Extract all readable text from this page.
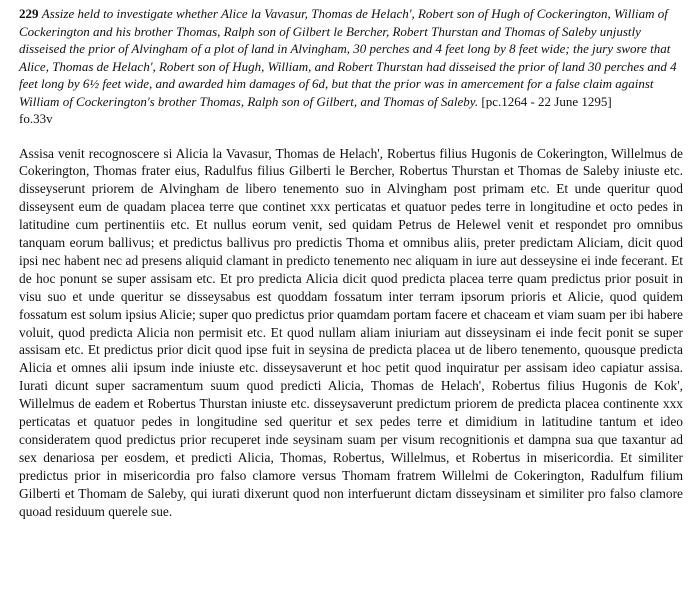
229 Assize held to investigate whether Alice la Vavasur, Thomas de Helach', Robert son of Hugh of Cockerington, William of Cockerington and his brother Thomas, Ralph son of Gilbert le Bercher, Robert Thurstan and Thomas of Saleby unjustly disseised the prior of Alvingham of a plot of land in Alvingham, 30 perches and 4 feet long by 8 feet wide; the jury swore that Alice, Thomas de Helach', Robert son of Hugh, William, and Robert Thurstan had disseised the prior of land 30 perches and 4 feet long by 6½ feet wide, and awarded him damages of 6d, but that the prior was in amercement for a false claim against William of Cockerington's brother Thomas, Ralph son of Gilbert, and Thomas of Saleby. [pc.1264 - 22 June 1295]

fo.33v

Assisa venit recognoscere si Alicia la Vavasur, Thomas de Helach', Robertus filius Hugonis de Cokerington, Willelmus de Cokerington, Thomas frater eius, Radulfus filius Gilberti le Bercher, Robertus Thurstan et Thomas de Saleby iniuste etc. disseyserunt priorem de Alvingham de libero tenemento suo in Alvingham post primam etc. Et unde queritur quod disseysent eum de quadam placea terre que continet xxx perticatas et quatuor pedes terre in longitudine et octo pedes in latitudine cum pertinentiis etc. Et nullus eorum venit, sed quidam Petrus de Helewel venit et respondet pro omnibus tanquam eorum ballivus; et predictus ballivus pro predictis Thoma et omnibus aliis, preter predictam Aliciam, dicit quod ipsi nec habent nec ad presens aliquid clamant in predicto tenemento nec aliquam in iure aut desseysine ei inde fecerant. Et de hoc ponunt se super assisam etc. Et pro predicta Alicia dicit quod predicta placea terre quam predictus prior posuit in visu suo et unde queritur se disseysabus est quoddam fossatum inter terram ipsorum prioris et Alicie, quod quidem fossatum est solum ipsius Alicie; super quo predictus prior quamdam portam facere et chaceam et viam suam per ibi habere voluit, quod predicta Alicia non permisit etc. Et quod nullam aliam iniuriam aut disseysinam ei inde fecit ponit se super assisam etc. Et predictus prior dicit quod ipse fuit in seysina de predicta placea ut de libero tenemento, quousque predicta Alicia et omnes alii ipsum inde iniuste etc. disseysaverunt et hoc petit quod inquiratur per assisam ideo capiatur assisa. Iurati dicunt super sacramentum suum quod predicti Alicia, Thomas de Helach', Robertus filius Hugonis de Kok', Willelmus de eadem et Robertus Thurstan iniuste etc. disseysaverunt predictum priorem de predicta placea continente xxx perticatas et quatuor pedes in longitudine sed queritur et sex pedes terre et dimidium in latitudine tantum et ideo consideratem quod predictus prior recuperet inde seysinam suam per visum recognitionis et dampna sua que taxantur ad sex denariosa per eosdem, et predicti Alicia, Thomas, Robertus, Willelmus, et Robertus in misericordia. Et similiter predictus prior in misericordia pro falso clamore versus Thomam fratrem Willelmi de Cokerington, Radulfum filium Gilberti et Thomam de Saleby, qui iurati dixerunt quod non interfuerunt dictam disseysinam et similiter pro falso clamore quoad residuum querele sue.
